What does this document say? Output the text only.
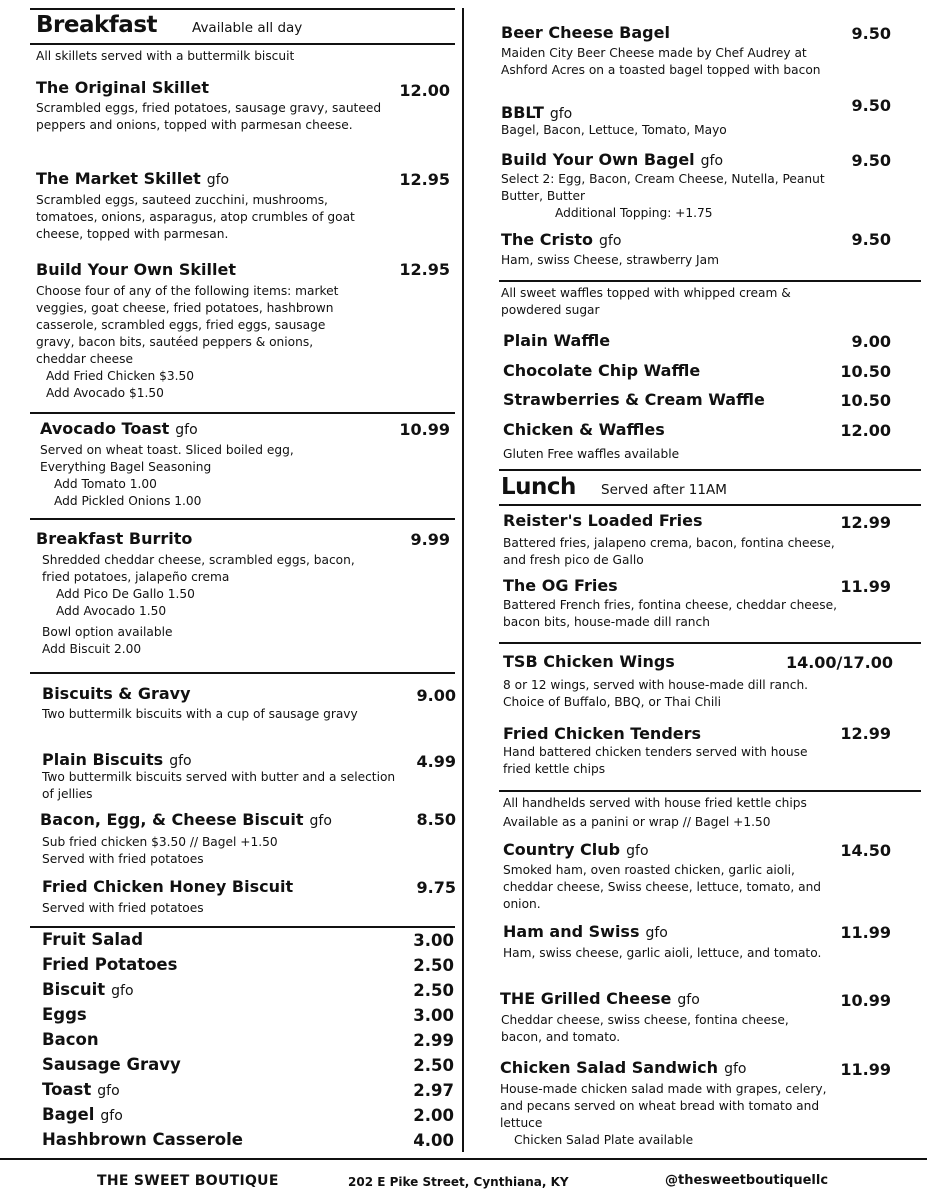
Breakfast	Available all day
All skillets served with a buttermilk biscuit
The Original Skillet	12.00
Scrambled eggs, fried potatoes, sausage gravy, sauteed peppers and onions, topped with parmesan cheese.
The Market Skillet gfo	12.95
Scrambled eggs, sauteed zucchini, mushrooms, tomatoes, onions, asparagus, atop crumbles of goat cheese, topped with parmesan.
Build Your Own Skillet	12.95
Choose four of any of the following items: market veggies, goat cheese, fried potatoes, hashbrown casserole, scrambled eggs, fried eggs, sausage gravy, bacon bits, sautéed peppers & onions, cheddar cheese
Add Fried Chicken $3.50
Add Avocado $1.50
Avocado Toast gfo	10.99
Served on wheat toast. Sliced boiled egg, Everything Bagel Seasoning
Add Tomato 1.00
Add Pickled Onions 1.00
Breakfast Burrito	9.99
Shredded cheddar cheese, scrambled eggs, bacon, fried potatoes, jalapeño crema
Add Pico De Gallo 1.50
Add Avocado 1.50
Bowl option available
Add Biscuit 2.00
Biscuits & Gravy	9.00
Two buttermilk biscuits with a cup of sausage gravy
Plain Biscuits gfo	4.99
Two buttermilk biscuits served with butter and a selection of jellies
Bacon, Egg, & Cheese Biscuit gfo	8.50
Sub fried chicken $3.50 // Bagel +1.50
Served with fried potatoes
Fried Chicken Honey Biscuit	9.75
Served with fried potatoes
Fruit Salad	3.00
Fried Potatoes	2.50
Biscuit gfo	2.50
Eggs	3.00
Bacon	2.99
Sausage Gravy	2.50
Toast gfo	2.97
Bagel gfo	2.00
Hashbrown Casserole	4.00
Beer Cheese Bagel	9.50
Maiden City Beer Cheese made by Chef Audrey at Ashford Acres on a toasted bagel topped with bacon
BBLT gfo	9.50
Bagel, Bacon, Lettuce, Tomato, Mayo
Build Your Own Bagel gfo	9.50
Select 2: Egg, Bacon, Cream Cheese, Nutella, Peanut Butter, Butter
Additional Topping: +1.75
The Cristo gfo	9.50
Ham, swiss Cheese, strawberry Jam
All sweet waffles topped with whipped cream & powdered sugar
Plain Waffle	9.00
Chocolate Chip Waffle	10.50
Strawberries & Cream Waffle	10.50
Chicken & Waffles	12.00
Gluten Free waffles available
Lunch Served after 11AM
Reister's Loaded Fries	12.99
Battered fries, jalapeno crema, bacon, fontina cheese, and fresh pico de Gallo
The OG Fries	11.99
Battered French fries, fontina cheese, cheddar cheese, bacon bits, house-made dill ranch
TSB Chicken Wings	14.00/17.00
8 or 12 wings, served with house-made dill ranch. Choice of Buffalo, BBQ, or Thai Chili
Fried Chicken Tenders	12.99
Hand battered chicken tenders served with house fried kettle chips
All handhelds served with house fried kettle chips
Available as a panini or wrap // Bagel +1.50
Country Club gfo	14.50
Smoked ham, oven roasted chicken, garlic aioli, cheddar cheese, Swiss cheese, lettuce, tomato, and onion.
Ham and Swiss gfo	11.99
Ham, swiss cheese, garlic aioli, lettuce, and tomato.
THE Grilled Cheese gfo	10.99
Cheddar cheese, swiss cheese, fontina cheese, bacon, and tomato.
Chicken Salad Sandwich gfo	11.99
House-made chicken salad made with grapes, celery, and pecans served on wheat bread with tomato and lettuce
Chicken Salad Plate available
THE SWEET BOUTIQUE	202 E Pike Street, Cynthiana, KY	@thesweetboutiquellc
